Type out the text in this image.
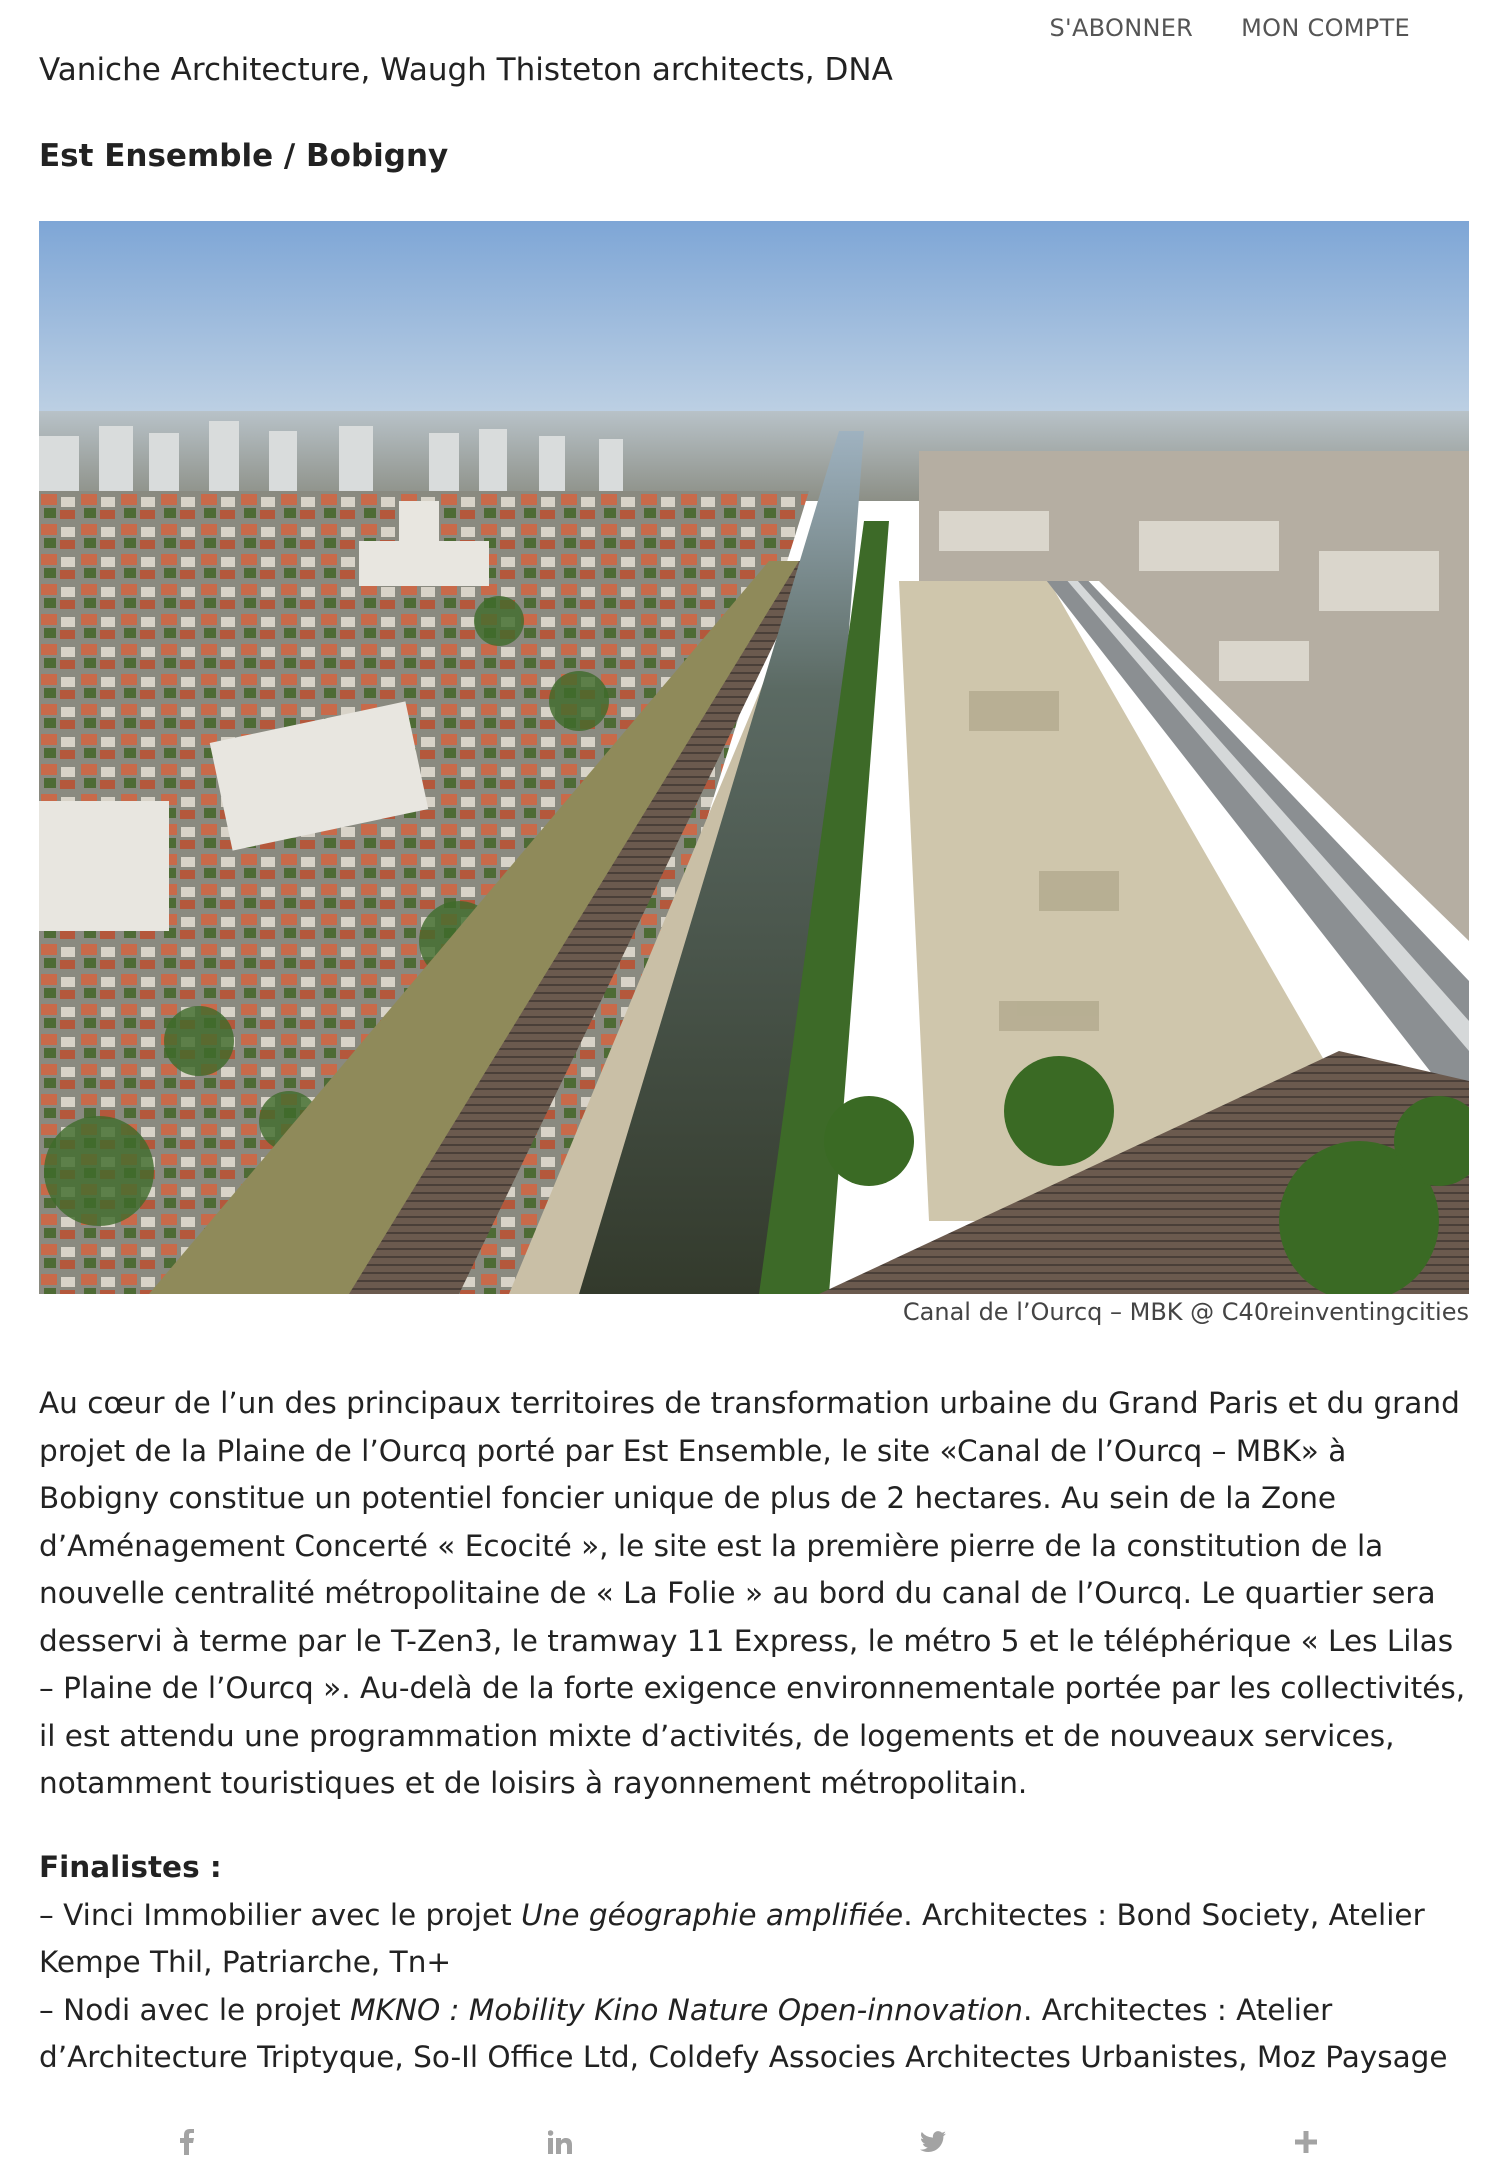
S'ABONNER MON COMPTE

Vaniche Architecture, Waugh Thisteton architects, DNA

Est Ensemble / Bobigny

Canal de l’Ourcq – MBK @ C40reinventingcities

Au cœur de l’un des principaux territoires de transformation urbaine du Grand Paris et du grand projet de la Plaine de l’Ourcq porté par Est Ensemble, le site «Canal de l’Ourcq – MBK» à Bobigny constitue un potentiel foncier unique de plus de 2 hectares. Au sein de la Zone d’Aménagement Concerté « Ecocité », le site est la première pierre de la constitution de la nouvelle centralité métropolitaine de « La Folie » au bord du canal de l’Ourcq. Le quartier sera desservi à terme par le T-Zen3, le tramway 11 Express, le métro 5 et le téléphérique « Les Lilas – Plaine de l’Ourcq ». Au-delà de la forte exigence environnementale portée par les collectivités, il est attendu une programmation mixte d’activités, de logements et de nouveaux services, notamment touristiques et de loisirs à rayonnement métropolitain.

Finalistes :
– Vinci Immobilier avec le projet Une géographie amplifiée. Architectes : Bond Society, Atelier Kempe Thil, Patriarche, Tn+
– Nodi avec le projet MKNO : Mobility Kino Nature Open-innovation. Architectes : Atelier d’Architecture Triptyque, So-Il Office Ltd, Coldefy Associes Architectes Urbanistes, Moz Paysage
